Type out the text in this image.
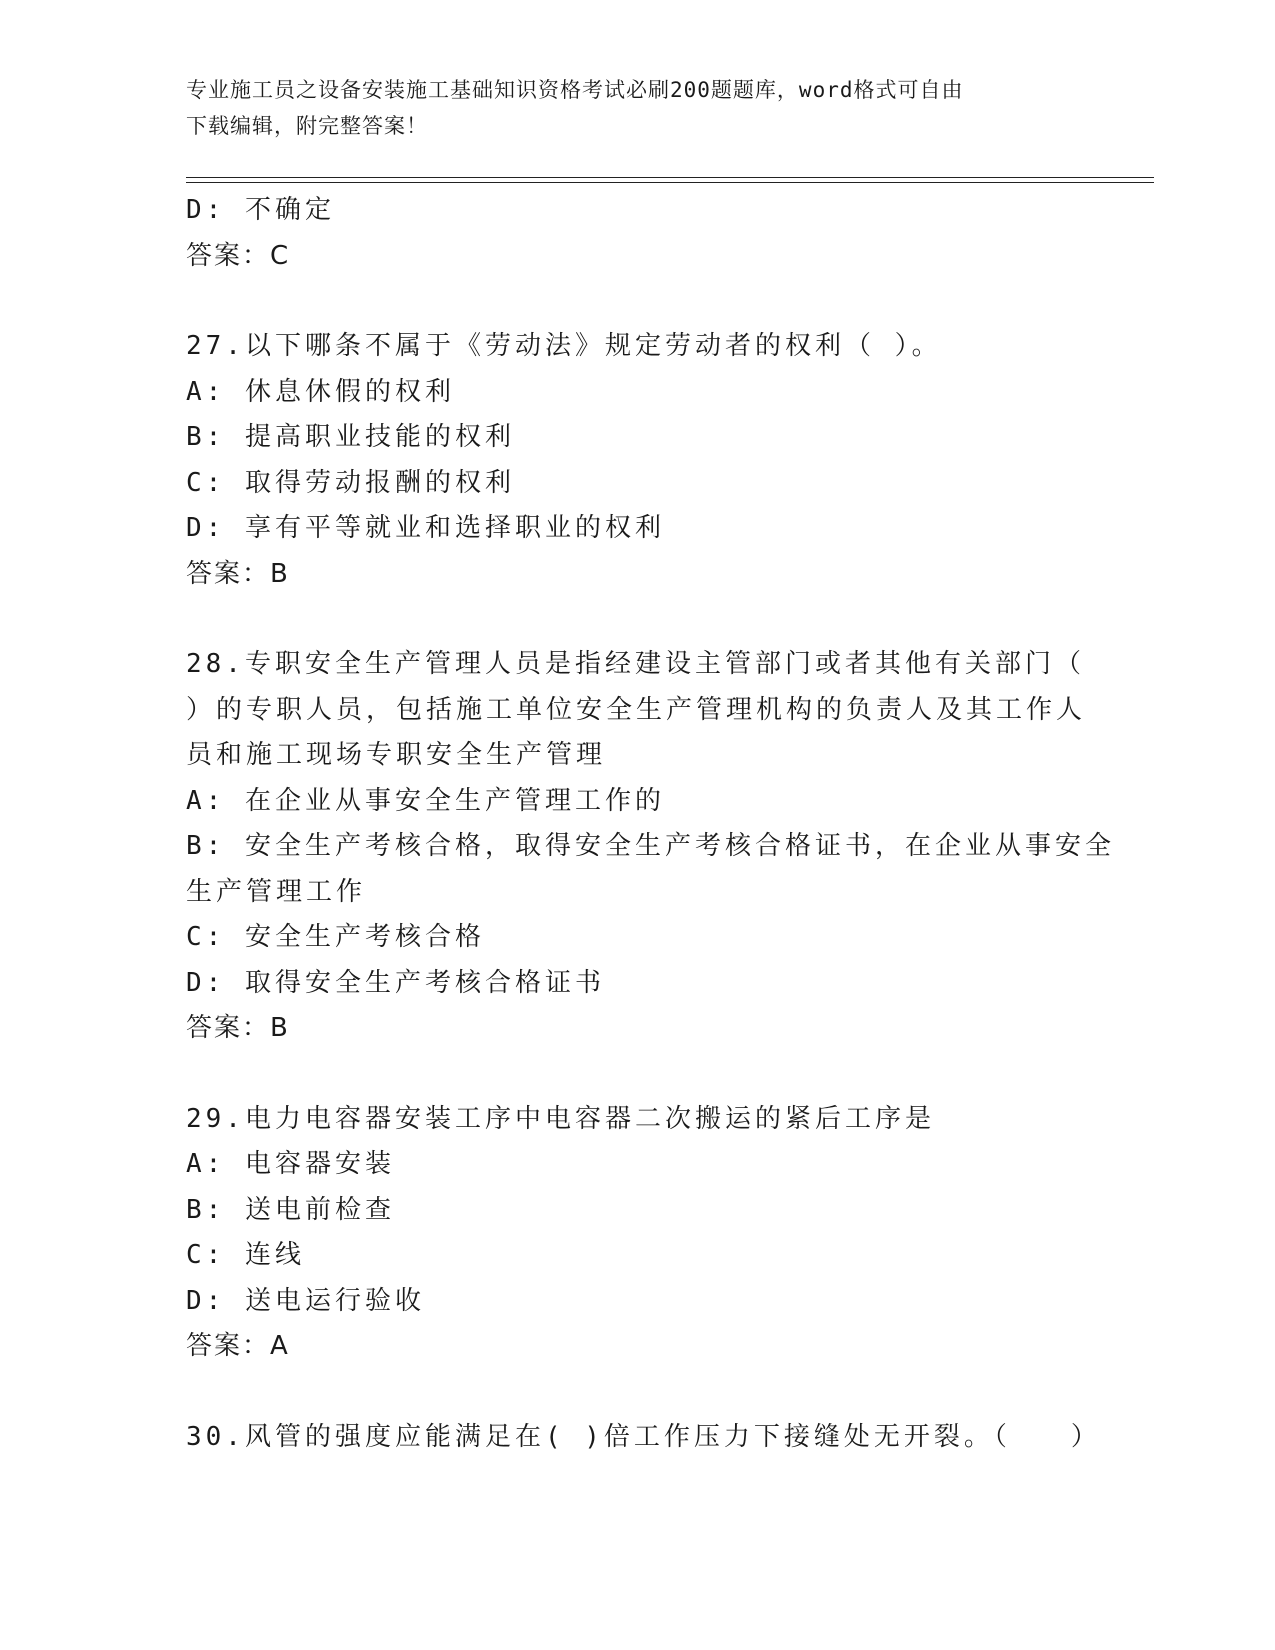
专业施工员之设备安装施工基础知识资格考试必刷200题题库，word格式可自由
下载编辑，附完整答案！
D: 不确定
答案：C
27.以下哪条不属于《劳动法》规定劳动者的权利（ ）。
A: 休息休假的权利
B: 提高职业技能的权利
C: 取得劳动报酬的权利
D: 享有平等就业和选择职业的权利
答案：B
28.专职安全生产管理人员是指经建设主管部门或者其他有关部门（
）的专职人员，包括施工单位安全生产管理机构的负责人及其工作人
员和施工现场专职安全生产管理
A: 在企业从事安全生产管理工作的
B: 安全生产考核合格，取得安全生产考核合格证书，在企业从事安全
生产管理工作
C: 安全生产考核合格
D: 取得安全生产考核合格证书
答案：B
29.电力电容器安装工序中电容器二次搬运的紧后工序是
A: 电容器安装
B: 送电前检查
C: 连线
D: 送电运行验收
答案：A
30.风管的强度应能满足在( )倍工作压力下接缝处无开裂。（　　）
